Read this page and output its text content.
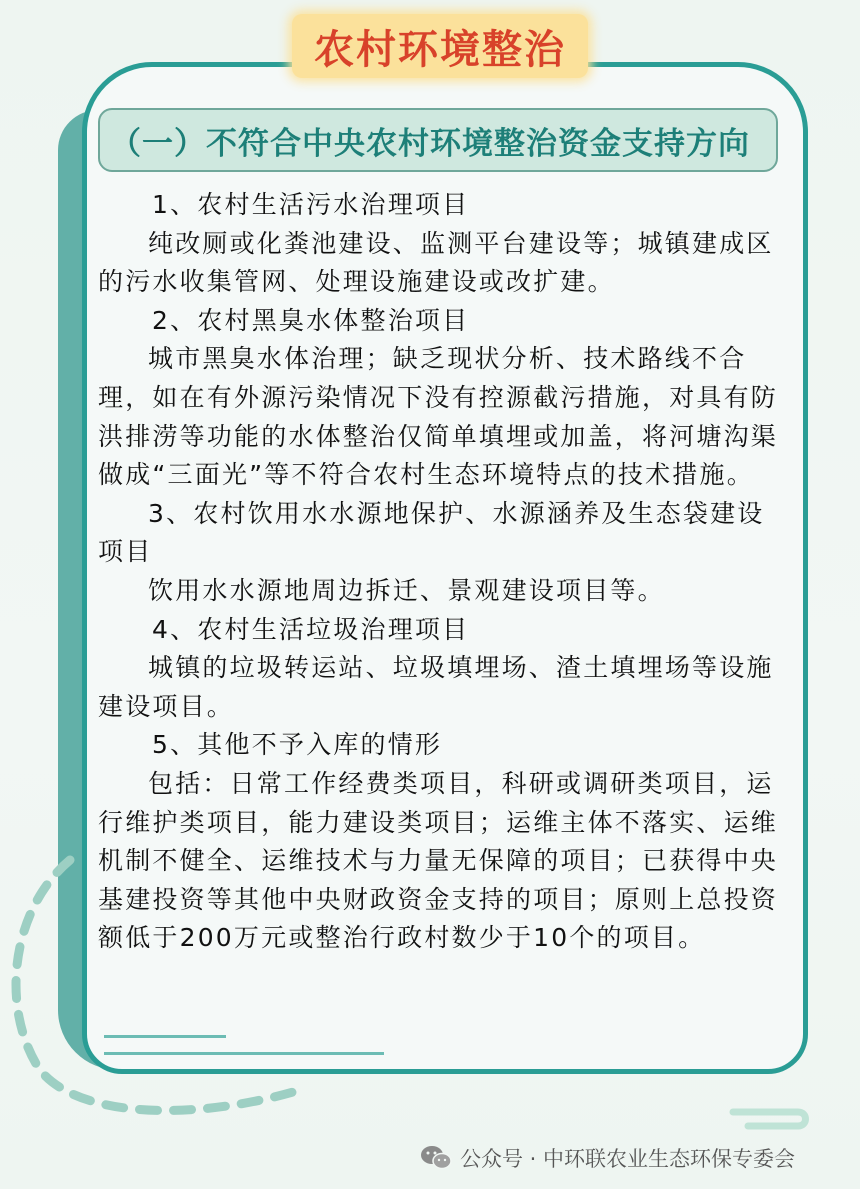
农村环境整治
（一）不符合中央农村环境整治资金支持方向

1、农村生活污水治理项目

纯改厕或化粪池建设、监测平台建设等；城镇建成区的污水收集管网、处理设施建设或改扩建。

2、农村黑臭水体整治项目

城市黑臭水体治理；缺乏现状分析、技术路线不合理，如在有外源污染情况下没有控源截污措施，对具有防洪排涝等功能的水体整治仅简单填埋或加盖，将河塘沟渠做成“三面光”等不符合农村生态环境特点的技术措施。

3、农村饮用水水源地保护、水源涵养及生态袋建设项目

饮用水水源地周边拆迁、景观建设项目等。

4、农村生活垃圾治理项目

城镇的垃圾转运站、垃圾填埋场、渣土填埋场等设施建设项目。

5、其他不予入库的情形

包括：日常工作经费类项目，科研或调研类项目，运行维护类项目，能力建设类项目；运维主体不落实、运维机制不健全、运维技术与力量无保障的项目；已获得中央基建投资等其他中央财政资金支持的项目；原则上总投资额低于200万元或整治行政村数少于10个的项目。

公众号 · 中环联农业生态环保专委会
